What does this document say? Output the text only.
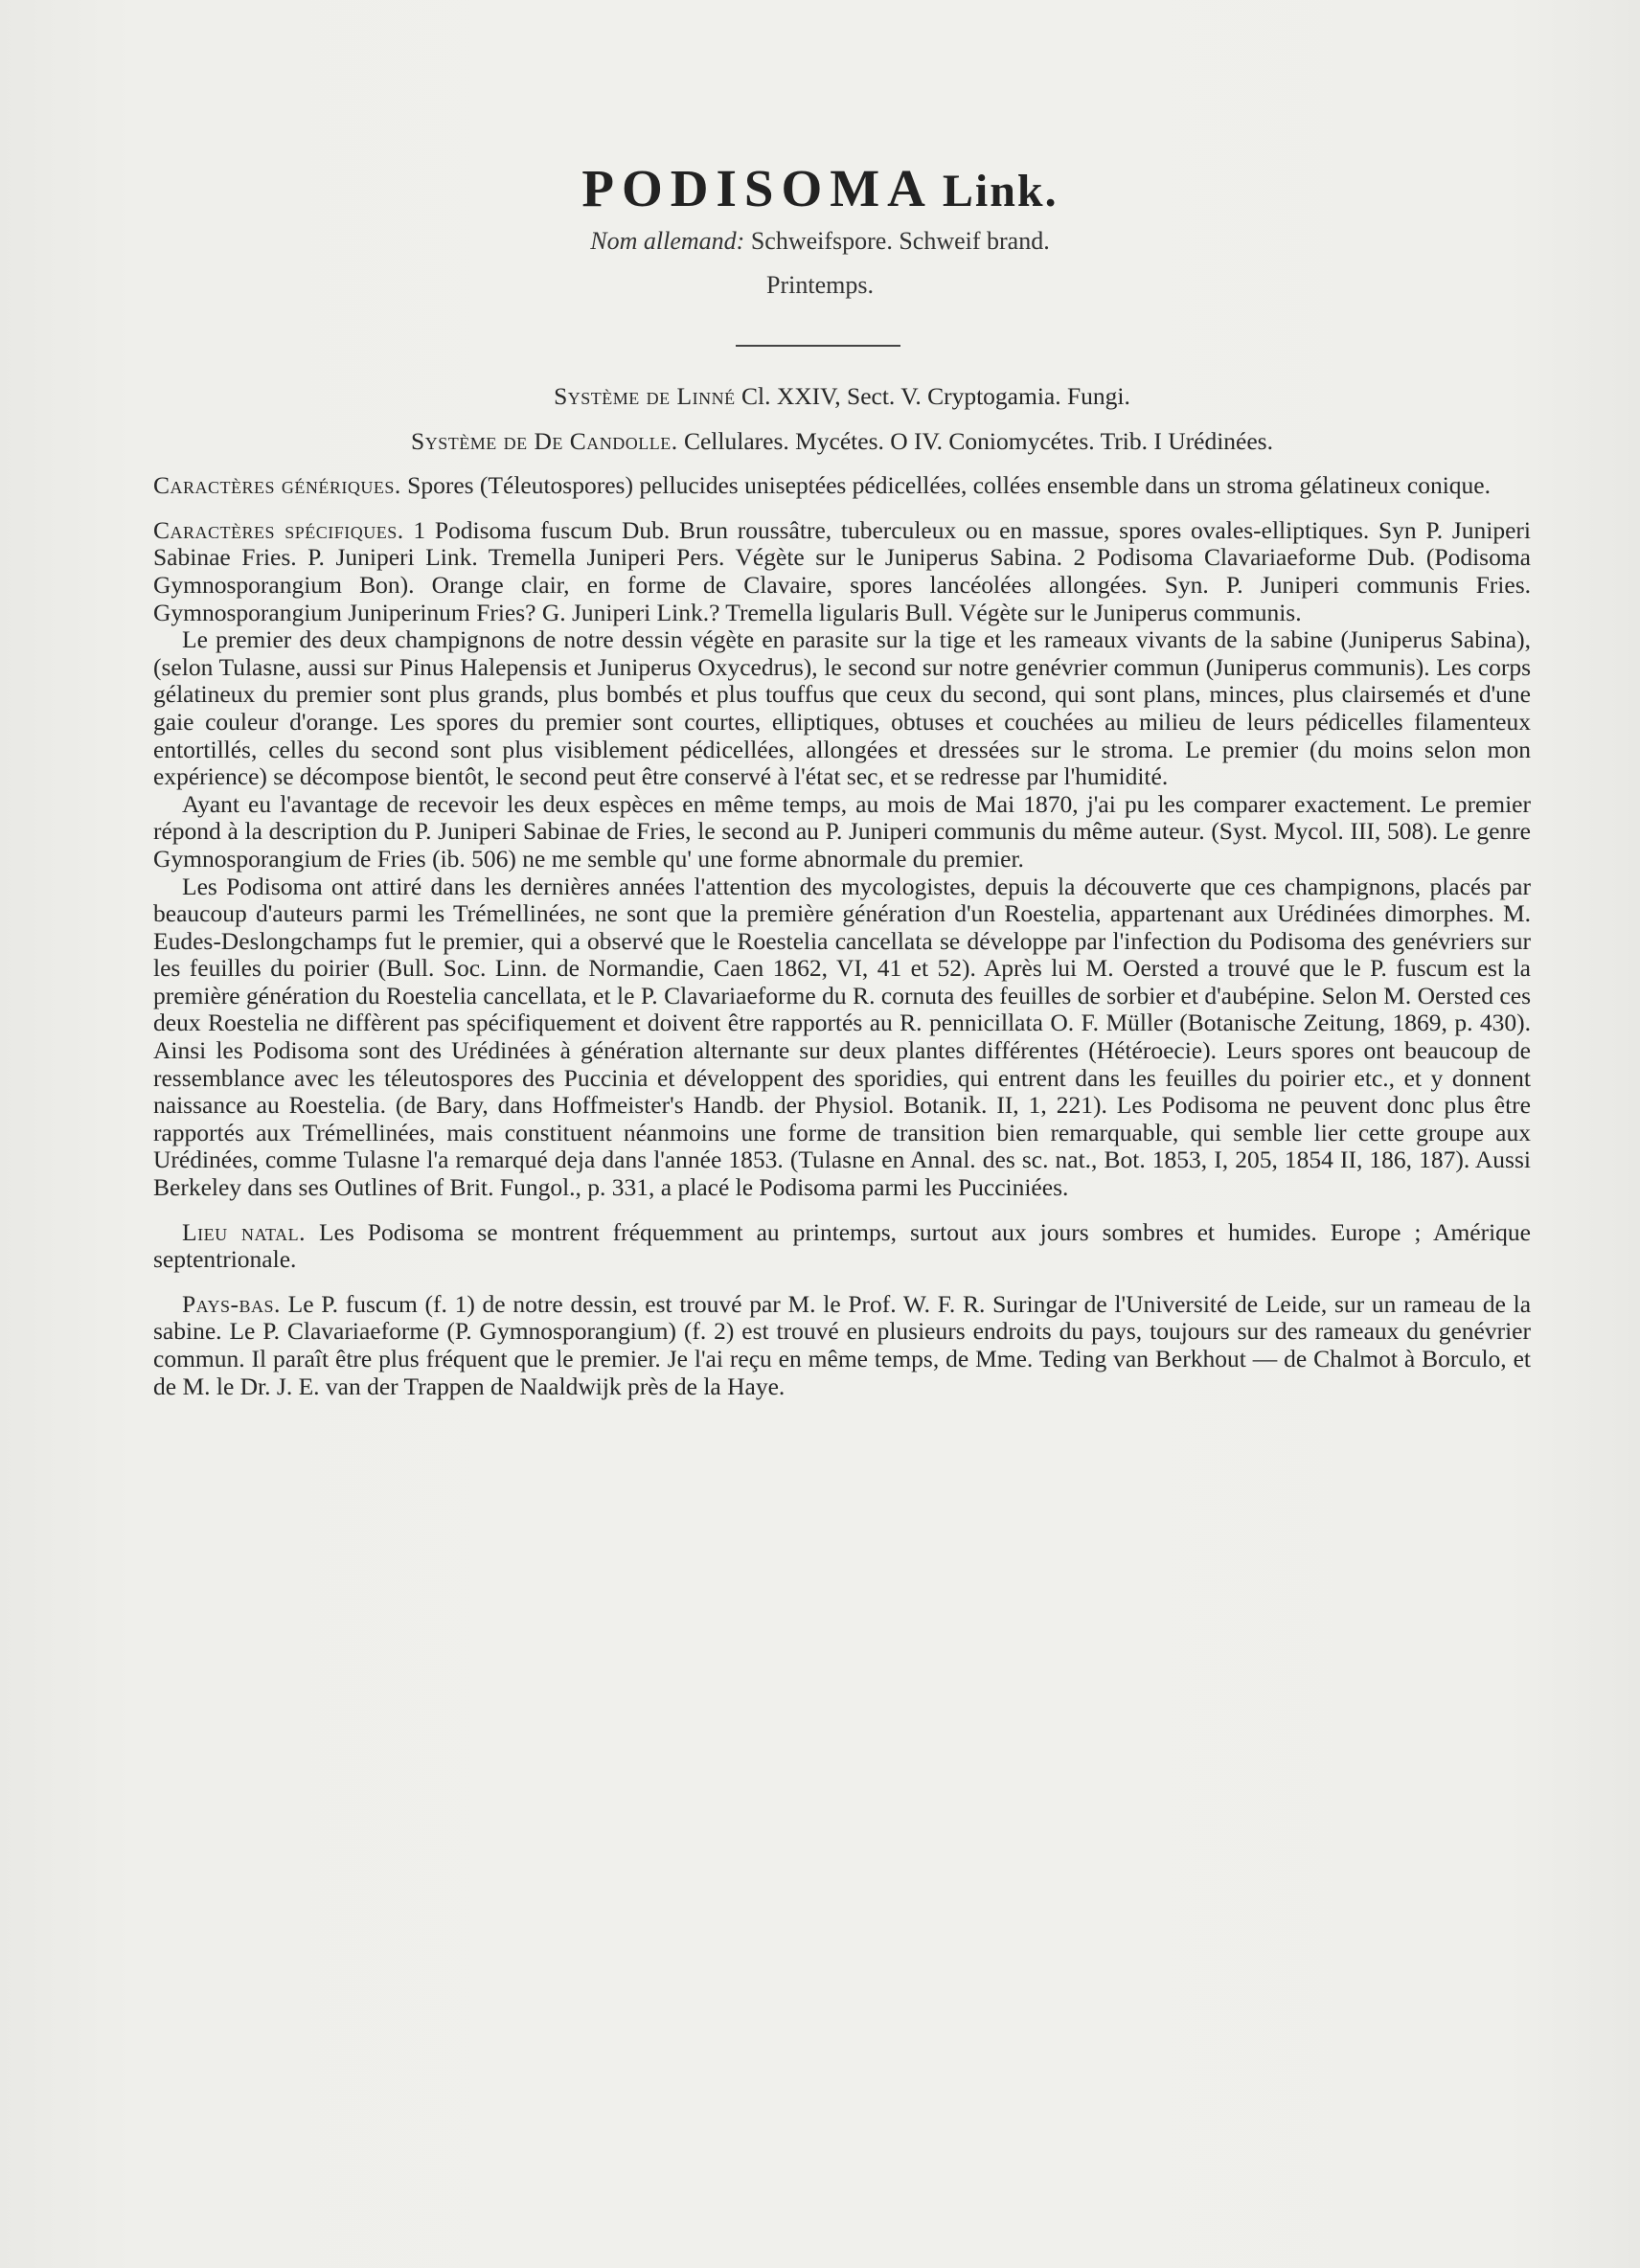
PODISOMA Link.
Nom allemand: Schweifspore. Schweif brand.
Printemps.

Système de Linné Cl. XXIV, Sect. V. Cryptogamia. Fungi.

Système de De Candolle. Cellulares. Mycétes. O IV. Coniomycétes. Trib. I Urédinées.

Caractères génériques. Spores (Téleutospores) pellucides uniseptées pédicellées, collées ensemble dans un stroma gélatineux conique.

Caractères spécifiques. 1 Podisoma fuscum Dub. Brun roussâtre, tuberculeux ou en massue, spores ovales-elliptiques. Syn P. Juniperi Sabinae Fries. P. Juniperi Link. Tremella Juniperi Pers. Végète sur le Juniperus Sabina. 2 Podisoma Clavariaeforme Dub. (Podisoma Gymnosporangium Bon). Orange clair, en forme de Clavaire, spores lancéolées allongées. Syn. P. Juniperi communis Fries. Gymnosporangium Juniperinum Fries? G. Juniperi Link.? Tremella ligularis Bull. Végète sur le Juniperus communis.

Le premier des deux champignons de notre dessin végète en parasite sur la tige et les rameaux vivants de la sabine (Juniperus Sabina), (selon Tulasne, aussi sur Pinus Halepensis et Juniperus Oxycedrus), le second sur notre genévrier commun (Juniperus communis). Les corps gélatineux du premier sont plus grands, plus bombés et plus touffus que ceux du second, qui sont plans, minces, plus clairsemés et d'une gaie couleur d'orange. Les spores du premier sont courtes, elliptiques, obtuses et couchées au milieu de leurs pédicelles filamenteux entortillés, celles du second sont plus visiblement pédicellées, allongées et dressées sur le stroma. Le premier (du moins selon mon expérience) se décompose bientôt, le second peut être conservé à l'état sec, et se redresse par l'humidité.

Ayant eu l'avantage de recevoir les deux espèces en même temps, au mois de Mai 1870, j'ai pu les comparer exactement. Le premier répond à la description du P. Juniperi Sabinae de Fries, le second au P. Juniperi communis du même auteur. (Syst. Mycol. III, 508). Le genre Gymnosporangium de Fries (ib. 506) ne me semble qu' une forme abnormale du premier.

Les Podisoma ont attiré dans les dernières années l'attention des mycologistes, depuis la découverte que ces champignons, placés par beaucoup d'auteurs parmi les Trémellinées, ne sont que la première génération d'un Roestelia, appartenant aux Urédinées dimorphes. M. Eudes-Deslongchamps fut le premier, qui a observé que le Roestelia cancellata se développe par l'infection du Podisoma des genévriers sur les feuilles du poirier (Bull. Soc. Linn. de Normandie, Caen 1862, VI, 41 et 52). Après lui M. Oersted a trouvé que le P. fuscum est la première génération du Roestelia cancellata, et le P. Clavariaeforme du R. cornuta des feuilles de sorbier et d'aubépine. Selon M. Oersted ces deux Roestelia ne diffèrent pas spécifiquement et doivent être rapportés au R. pennicillata O. F. Müller (Botanische Zeitung, 1869, p. 430). Ainsi les Podisoma sont des Urédinées à génération alternante sur deux plantes différentes (Hétéroecie). Leurs spores ont beaucoup de ressemblance avec les téleutospores des Puccinia et développent des sporidies, qui entrent dans les feuilles du poirier etc., et y donnent naissance au Roestelia. (de Bary, dans Hoffmeister's Handb. der Physiol. Botanik. II, 1, 221). Les Podisoma ne peuvent donc plus être rapportés aux Trémellinées, mais constituent néanmoins une forme de transition bien remarquable, qui semble lier cette groupe aux Urédinées, comme Tulasne l'a remarqué deja dans l'année 1853. (Tulasne en Annal. des sc. nat., Bot. 1853, I, 205, 1854 II, 186, 187). Aussi Berkeley dans ses Outlines of Brit. Fungol., p. 331, a placé le Podisoma parmi les Pucciniées.

Lieu natal. Les Podisoma se montrent fréquemment au printemps, surtout aux jours sombres et humides. Europe ; Amérique septentrionale.

Pays-bas. Le P. fuscum (f. 1) de notre dessin, est trouvé par M. le Prof. W. F. R. Suringar de l'Université de Leide, sur un rameau de la sabine. Le P. Clavariaeforme (P. Gymnosporangium) (f. 2) est trouvé en plusieurs endroits du pays, toujours sur des rameaux du genévrier commun. Il paraît être plus fréquent que le premier. Je l'ai reçu en même temps, de Mme. Teding van Berkhout — de Chalmot à Borculo, et de M. le Dr. J. E. van der Trappen de Naaldwijk près de la Haye.
